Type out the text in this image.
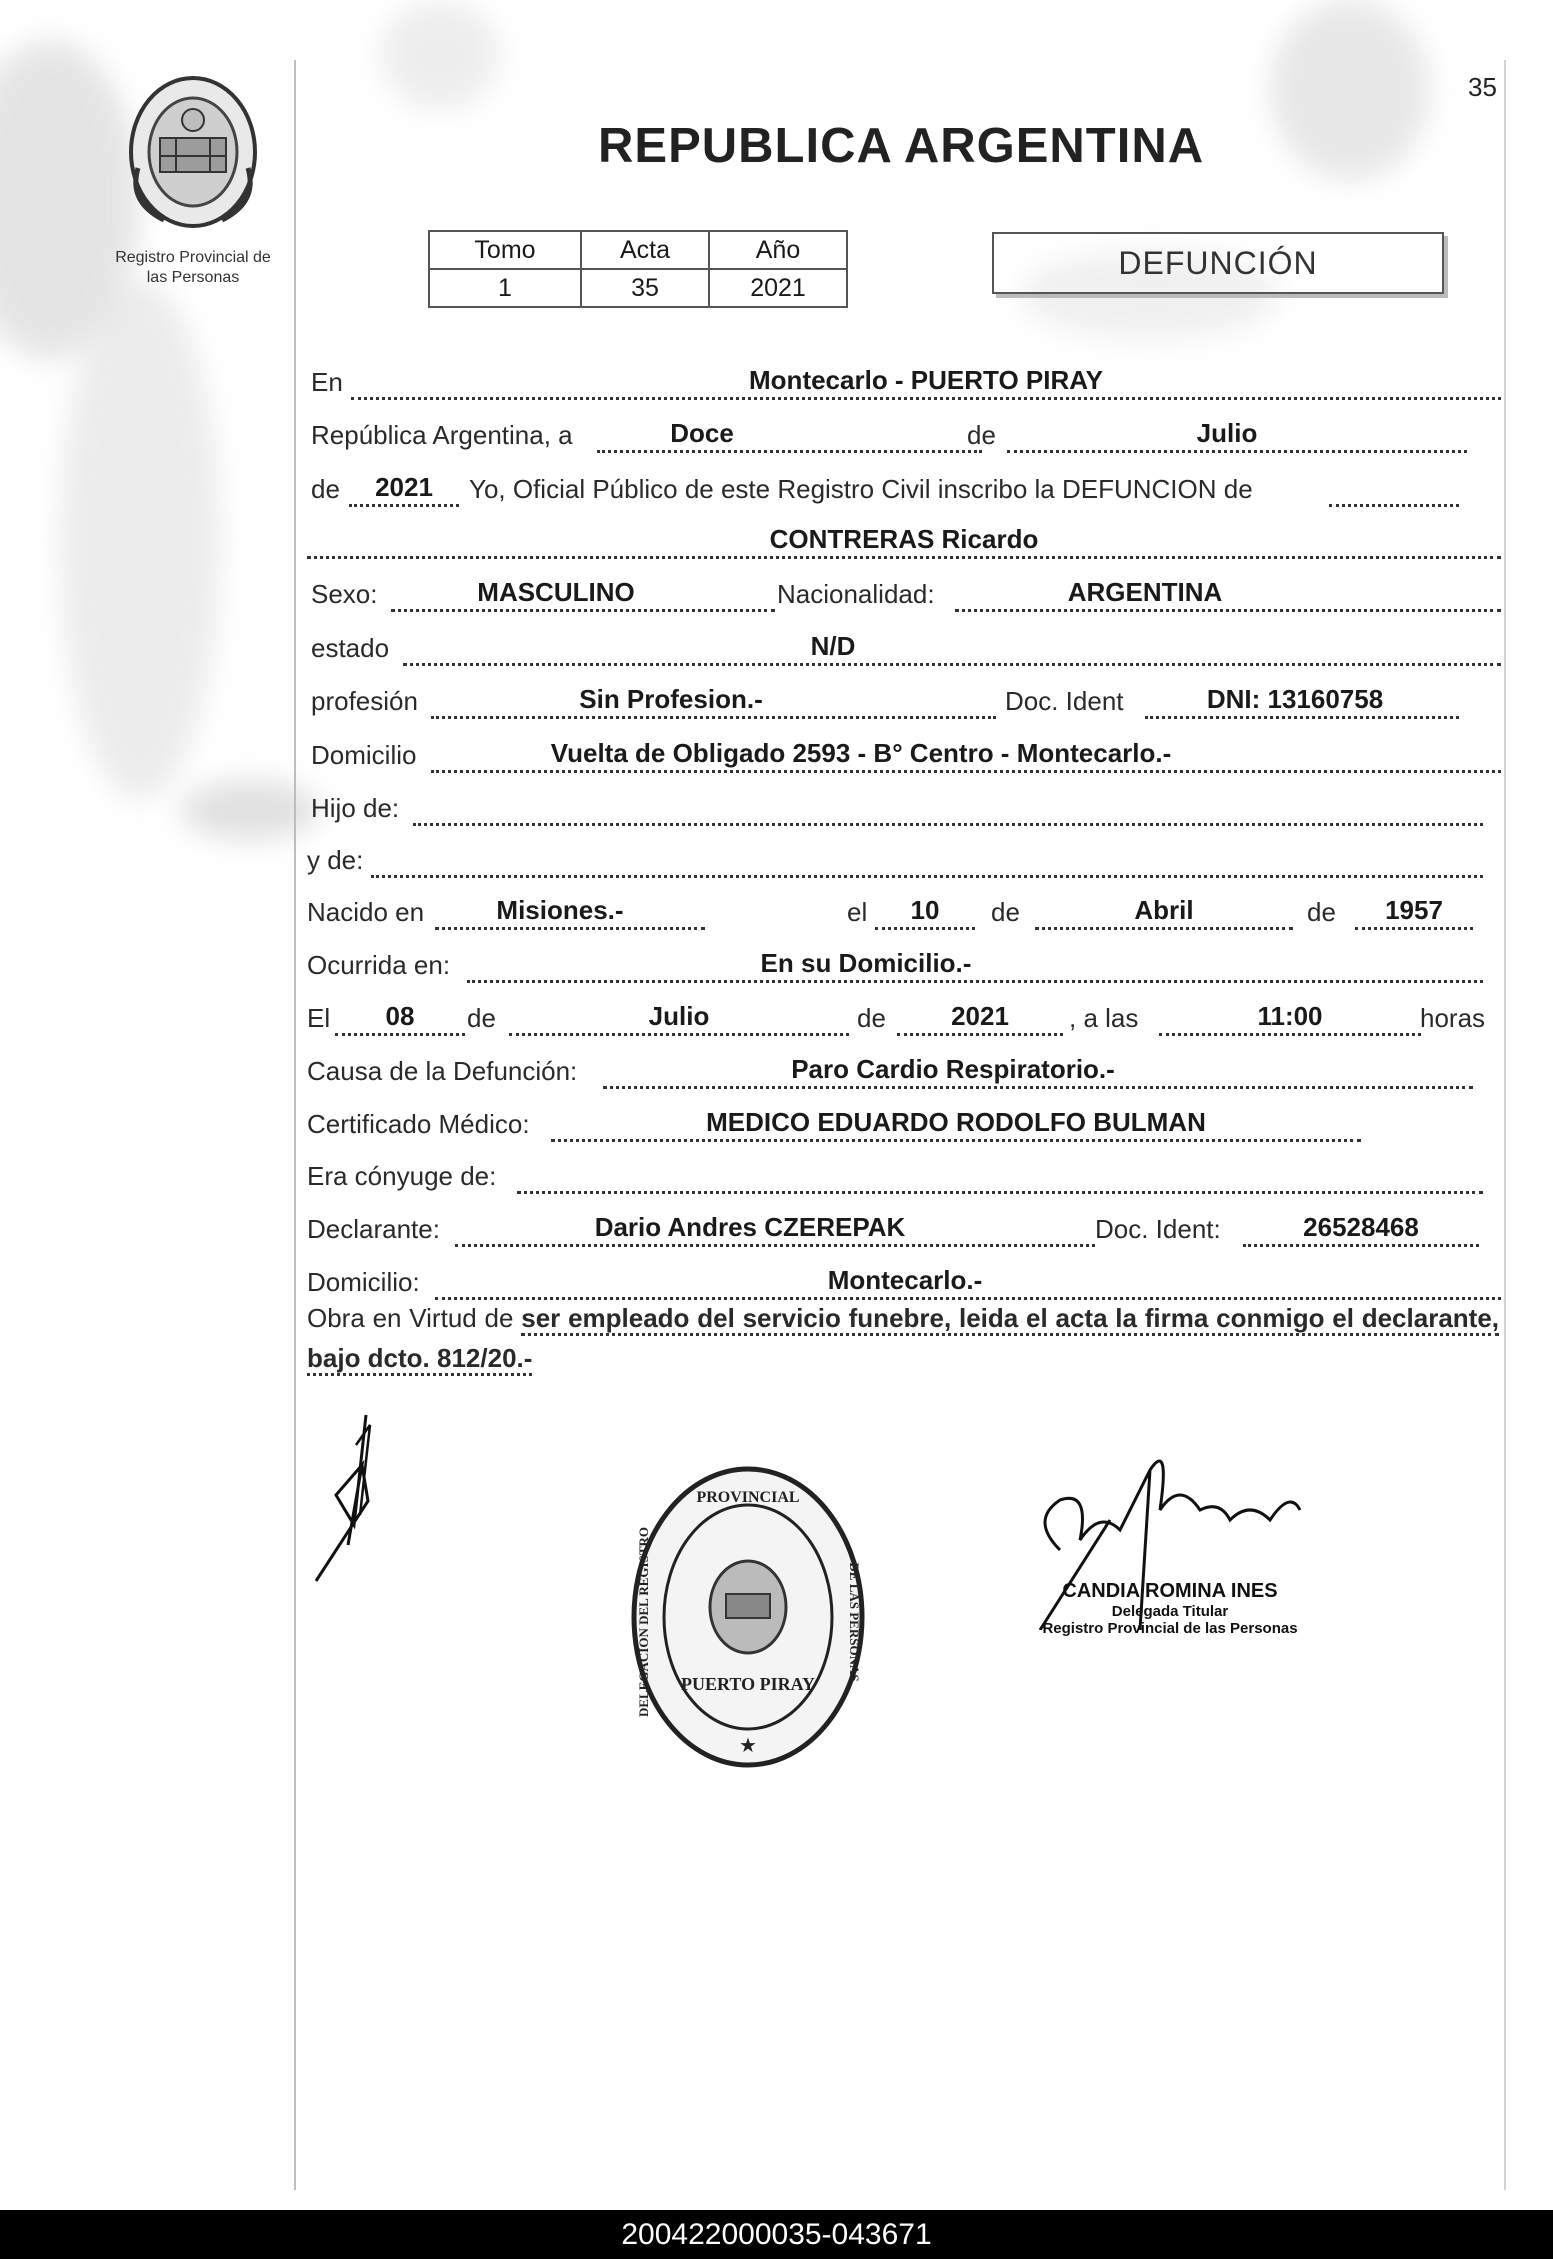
35
Registro Provincial de
las Personas
REPUBLICA ARGENTINA
Tomo	Acta	Año
1	35	2021
DEFUNCIÓN
En	Montecarlo - PUERTO PIRAY
República Argentina, a	Doce	de	Julio
de	2021	Yo, Oficial Público de este Registro Civil inscribo la DEFUNCION de
CONTRERAS Ricardo
Sexo:	MASCULINO	Nacionalidad:	ARGENTINA
estado	N/D
profesión	Sin Profesion.-	Doc. Ident	DNI: 13160758
Domicilio	Vuelta de Obligado 2593 - B° Centro - Montecarlo.-
Hijo de:
y de:
Nacido en	Misiones.-	el	10	de	Abril	de	1957
Ocurrida en:	En su Domicilio.-
El	08	de	Julio	de	2021	, a las	11:00	horas
Causa de la Defunción:	Paro Cardio Respiratorio.-
Certificado Médico:	MEDICO EDUARDO RODOLFO BULMAN
Era cónyuge de:
Declarante:	Dario Andres CZEREPAK	Doc. Ident:	26528468
Domicilio:	Montecarlo.-
Obra en Virtud de ser empleado del servicio funebre, leida el acta la firma conmigo el declarante, bajo dcto. 812/20.-
PROVINCIAL
DELEGACION DEL REGISTRO	DE LAS PERSONAS
PUERTO PIRAY
★
CANDIA ROMINA INES
Delegada Titular
Registro Provincial de las Personas
200422000035-043671
